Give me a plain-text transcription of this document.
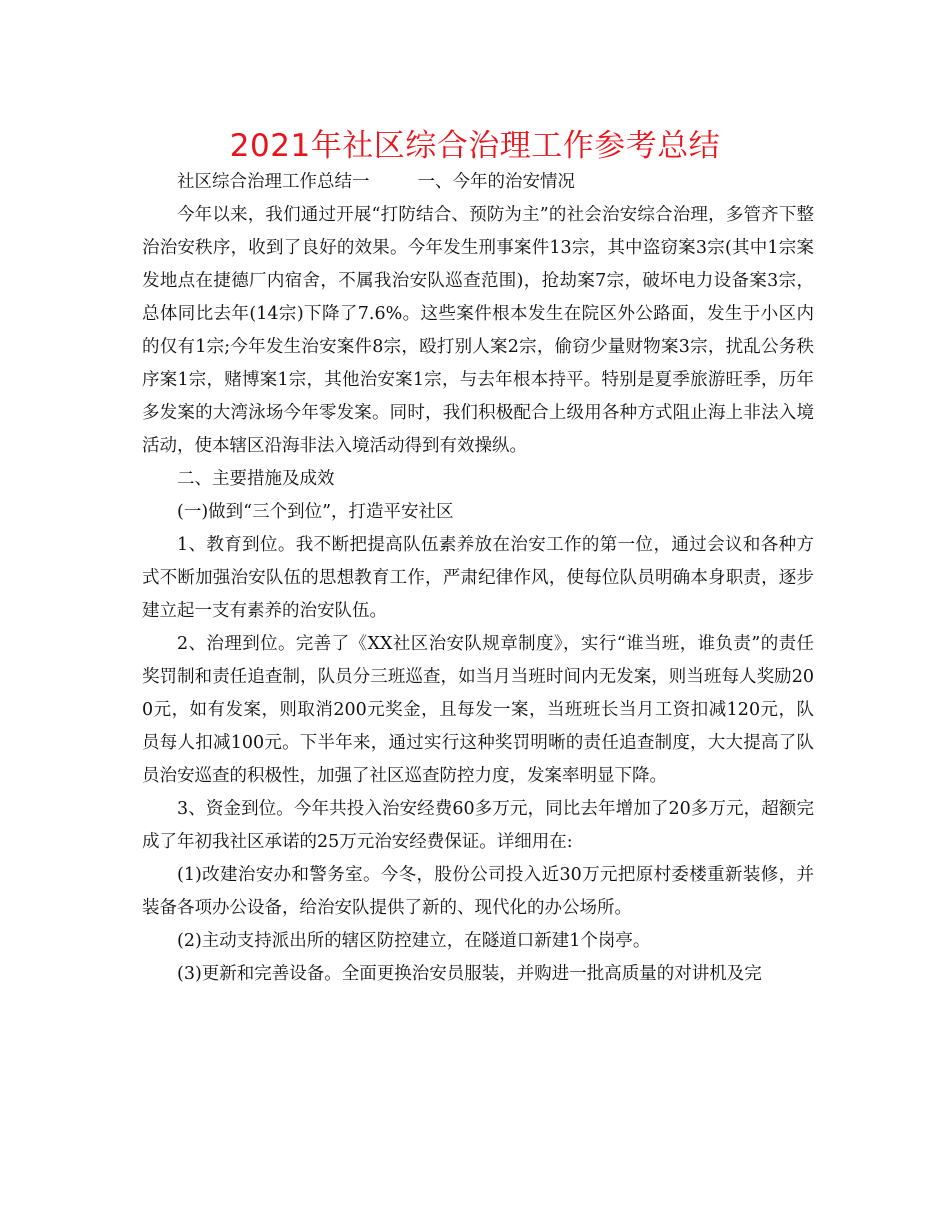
2021年社区综合治理工作参考总结

社区综合治理工作总结一	一、今年的治安情况

今年以来，我们通过开展“打防结合、预防为主”的社会治安综合治理，多管齐下整治治安秩序，收到了良好的效果。今年发生刑事案件13宗，其中盗窃案3宗(其中1宗案发地点在捷德厂内宿舍，不属我治安队巡查范围)，抢劫案7宗，破坏电力设备案3宗，总体同比去年(14宗)下降了7.6%。这些案件根本发生在院区外公路面，发生于小区内的仅有1宗;今年发生治安案件8宗，殴打别人案2宗，偷窃少量财物案3宗，扰乱公务秩序案1宗，赌博案1宗，其他治安案1宗，与去年根本持平。特别是夏季旅游旺季，历年多发案的大湾泳场今年零发案。同时，我们积极配合上级用各种方式阻止海上非法入境活动，使本辖区沿海非法入境活动得到有效操纵。

二、主要措施及成效

(一)做到“三个到位”，打造平安社区

1、教育到位。我不断把提高队伍素养放在治安工作的第一位，通过会议和各种方式不断加强治安队伍的思想教育工作，严肃纪律作风，使每位队员明确本身职责，逐步建立起一支有素养的治安队伍。

2、治理到位。完善了《XX社区治安队规章制度》，实行“谁当班，谁负责”的责任奖罚制和责任追查制，队员分三班巡查，如当月当班时间内无发案，则当班每人奖励200元，如有发案，则取消200元奖金，且每发一案，当班班长当月工资扣减120元，队员每人扣减100元。下半年来，通过实行这种奖罚明晰的责任追查制度，大大提高了队员治安巡查的积极性，加强了社区巡查防控力度，发案率明显下降。

3、资金到位。今年共投入治安经费60多万元，同比去年增加了20多万元，超额完成了年初我社区承诺的25万元治安经费保证。详细用在:

(1)改建治安办和警务室。今冬，股份公司投入近30万元把原村委楼重新装修，并装备各项办公设备，给治安队提供了新的、现代化的办公场所。

(2)主动支持派出所的辖区防控建立，在隧道口新建1个岗亭。

(3)更新和完善设备。全面更换治安员服装，并购进一批高质量的对讲机及完
